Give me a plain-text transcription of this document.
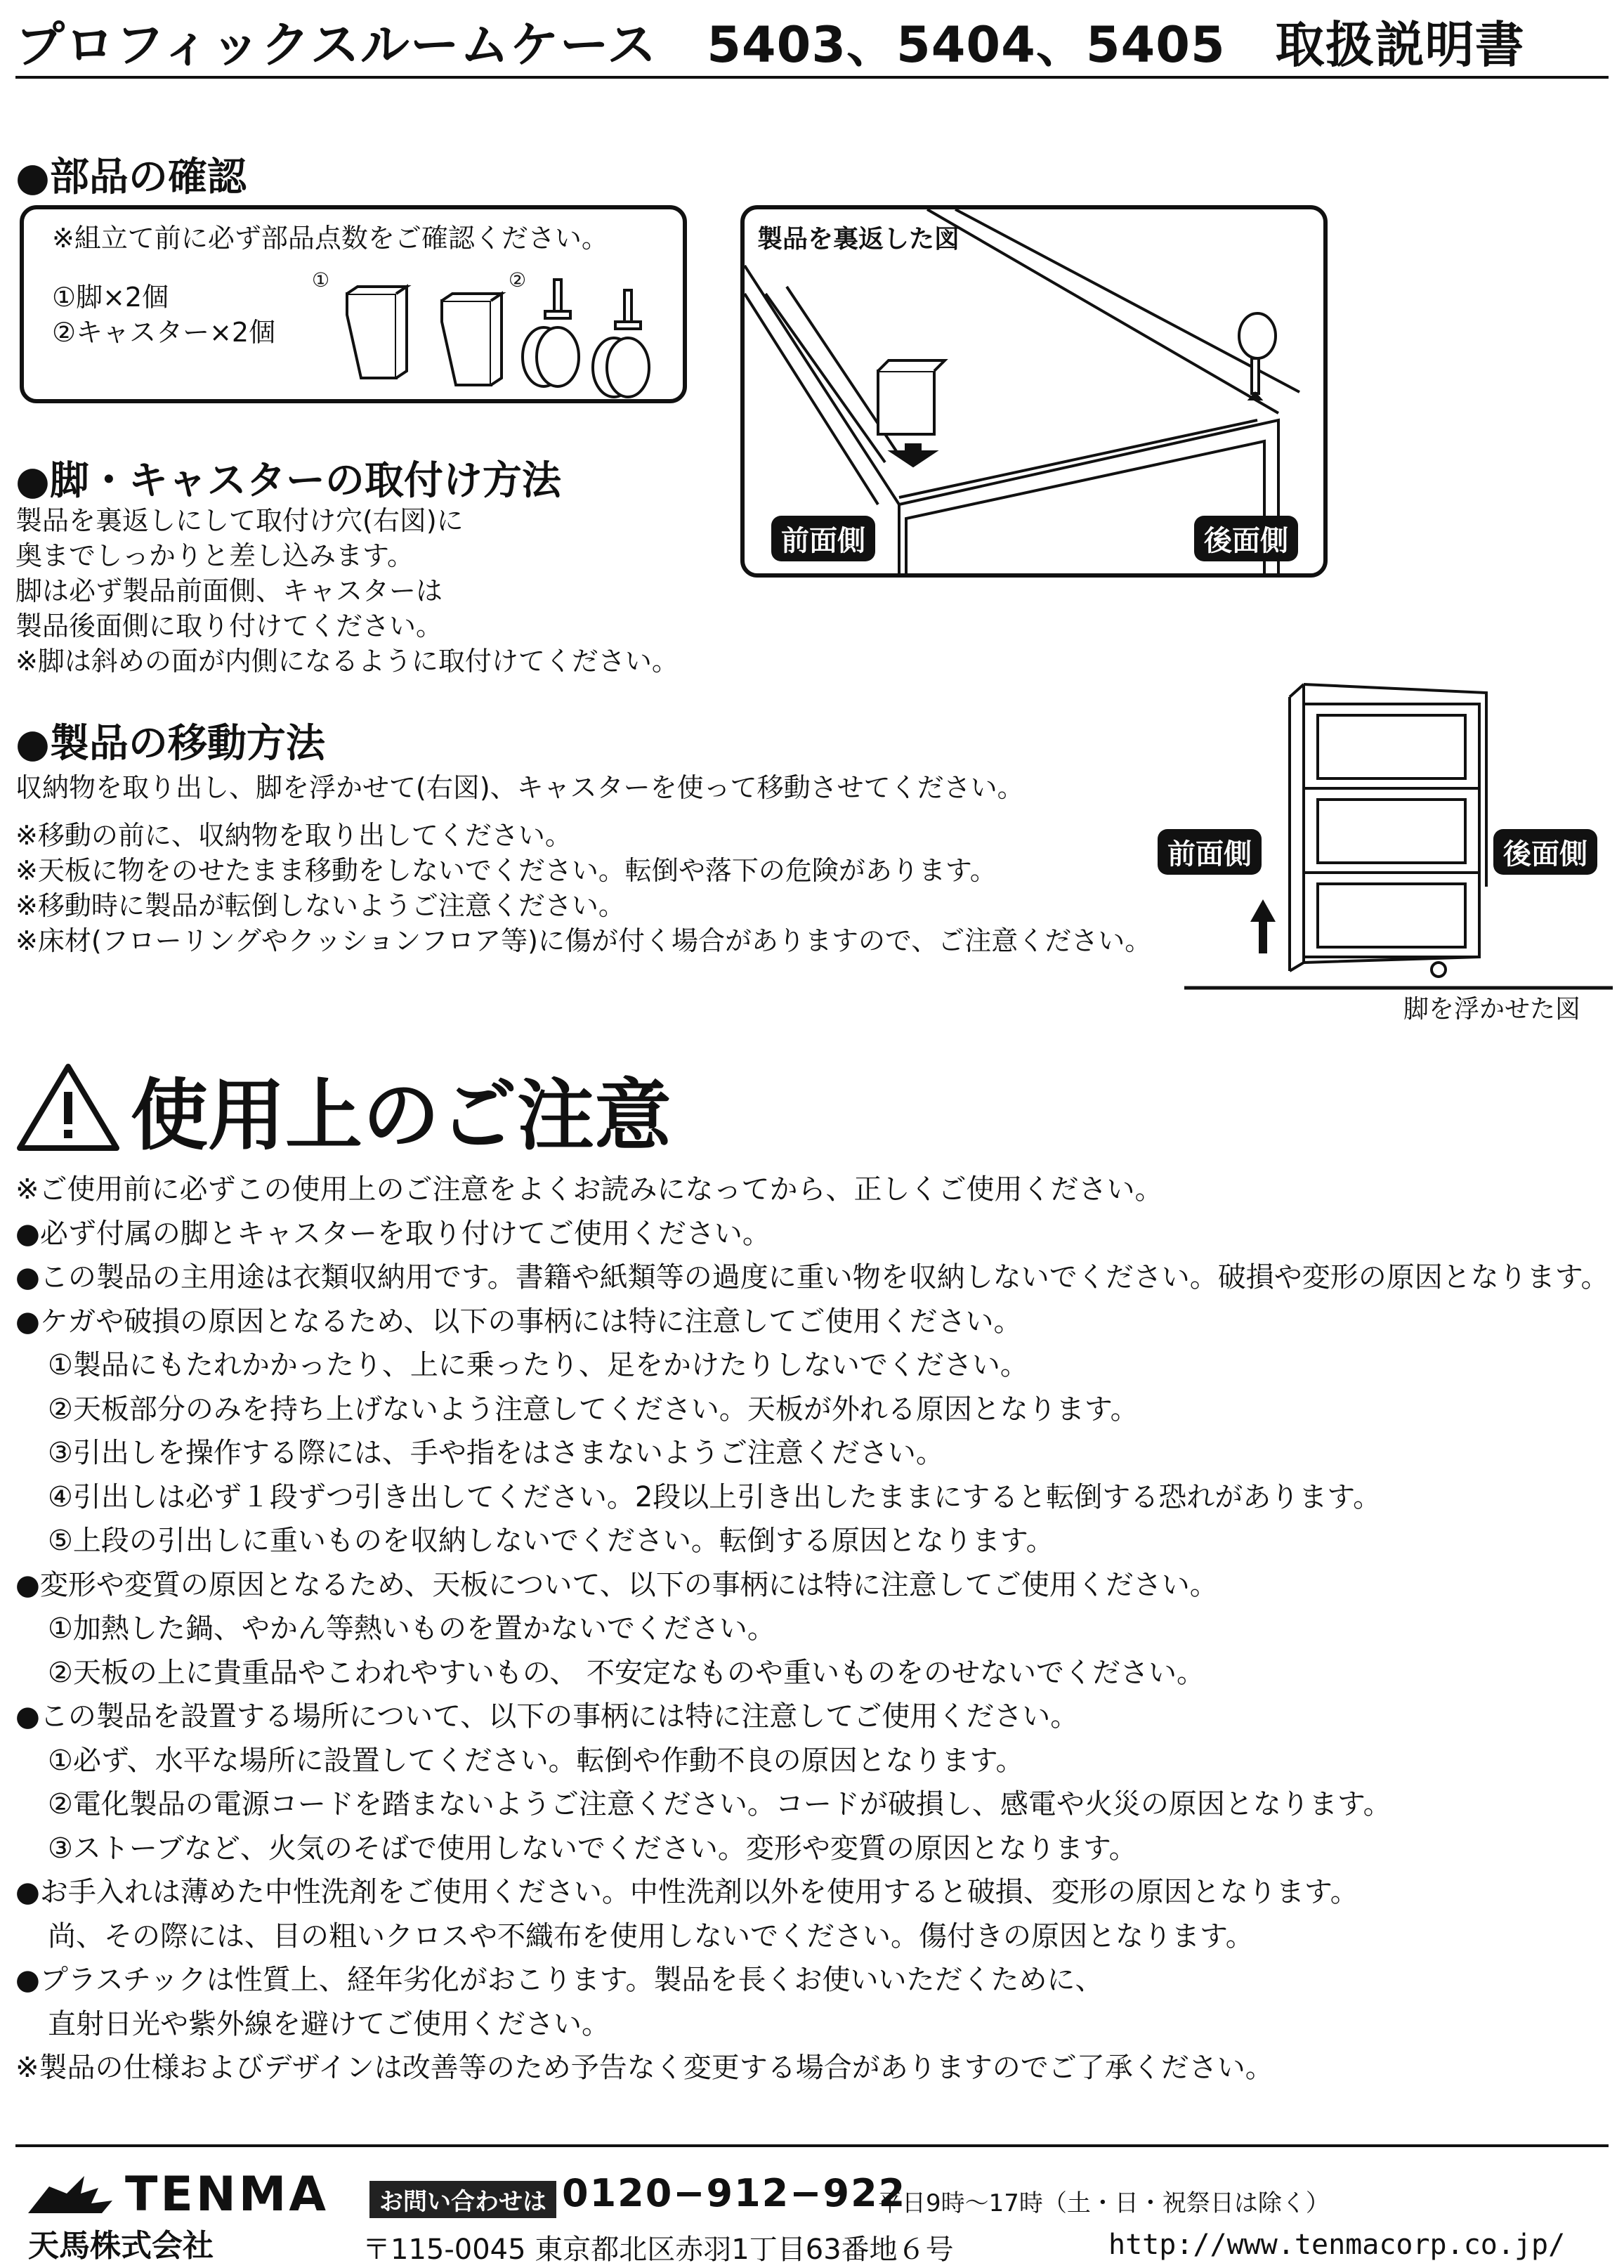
プロフィックスルームケース　5403、5404、5405　取扱説明書
●部品の確認
※組立て前に必ず部品点数をご確認ください。
①脚×2個
②キャスター×2個
①	②
製品を裏返した図
前面側	後面側
●脚・キャスターの取付け方法
製品を裏返しにして取付け穴(右図)に
奥までしっかりと差し込みます。
脚は必ず製品前面側、キャスターは
製品後面側に取り付けてください。
※脚は斜めの面が内側になるように取付けてください。
●製品の移動方法
収納物を取り出し、脚を浮かせて(右図)、キャスターを使って移動させてください。
※移動の前に、収納物を取り出してください。
※天板に物をのせたまま移動をしないでください。転倒や落下の危険があります。
※移動時に製品が転倒しないようご注意ください。
※床材(フローリングやクッションフロア等)に傷が付く場合がありますので、ご注意ください。
前面側	後面側
脚を浮かせた図
使用上のご注意
※ご使用前に必ずこの使用上のご注意をよくお読みになってから、正しくご使用ください。
●必ず付属の脚とキャスターを取り付けてご使用ください。
●この製品の主用途は衣類収納用です。書籍や紙類等の過度に重い物を収納しないでください。破損や変形の原因となります。
●ケガや破損の原因となるため、以下の事柄には特に注意してご使用ください。
①製品にもたれかかったり、上に乗ったり、足をかけたりしないでください。
②天板部分のみを持ち上げないよう注意してください。天板が外れる原因となります。
③引出しを操作する際には、手や指をはさまないようご注意ください。
④引出しは必ず１段ずつ引き出してください。2段以上引き出したままにすると転倒する恐れがあります。
⑤上段の引出しに重いものを収納しないでください。転倒する原因となります。
●変形や変質の原因となるため、天板について、以下の事柄には特に注意してご使用ください。
①加熱した鍋、やかん等熱いものを置かないでください。
②天板の上に貴重品やこわれやすいもの、 不安定なものや重いものをのせないでください。
●この製品を設置する場所について、以下の事柄には特に注意してご使用ください。
①必ず、水平な場所に設置してください。転倒や作動不良の原因となります。
②電化製品の電源コードを踏まないようご注意ください。コードが破損し、感電や火災の原因となります。
③ストーブなど、火気のそばで使用しないでください。変形や変質の原因となります。
●お手入れは薄めた中性洗剤をご使用ください。中性洗剤以外を使用すると破損、変形の原因となります。
尚、その際には、目の粗いクロスや不織布を使用しないでください。傷付きの原因となります。
●プラスチックは性質上、経年劣化がおこります。製品を長くお使いいただくために、
直射日光や紫外線を避けてご使用ください。
※製品の仕様およびデザインは改善等のため予告なく変更する場合がありますのでご了承ください。
TENMA
天馬株式会社
お問い合わせは 0120−912−922
平日9時〜17時（土・日・祝祭日は除く）
〒115-0045 東京都北区赤羽1丁目63番地６号	http://www.tenmacorp.co.jp/
